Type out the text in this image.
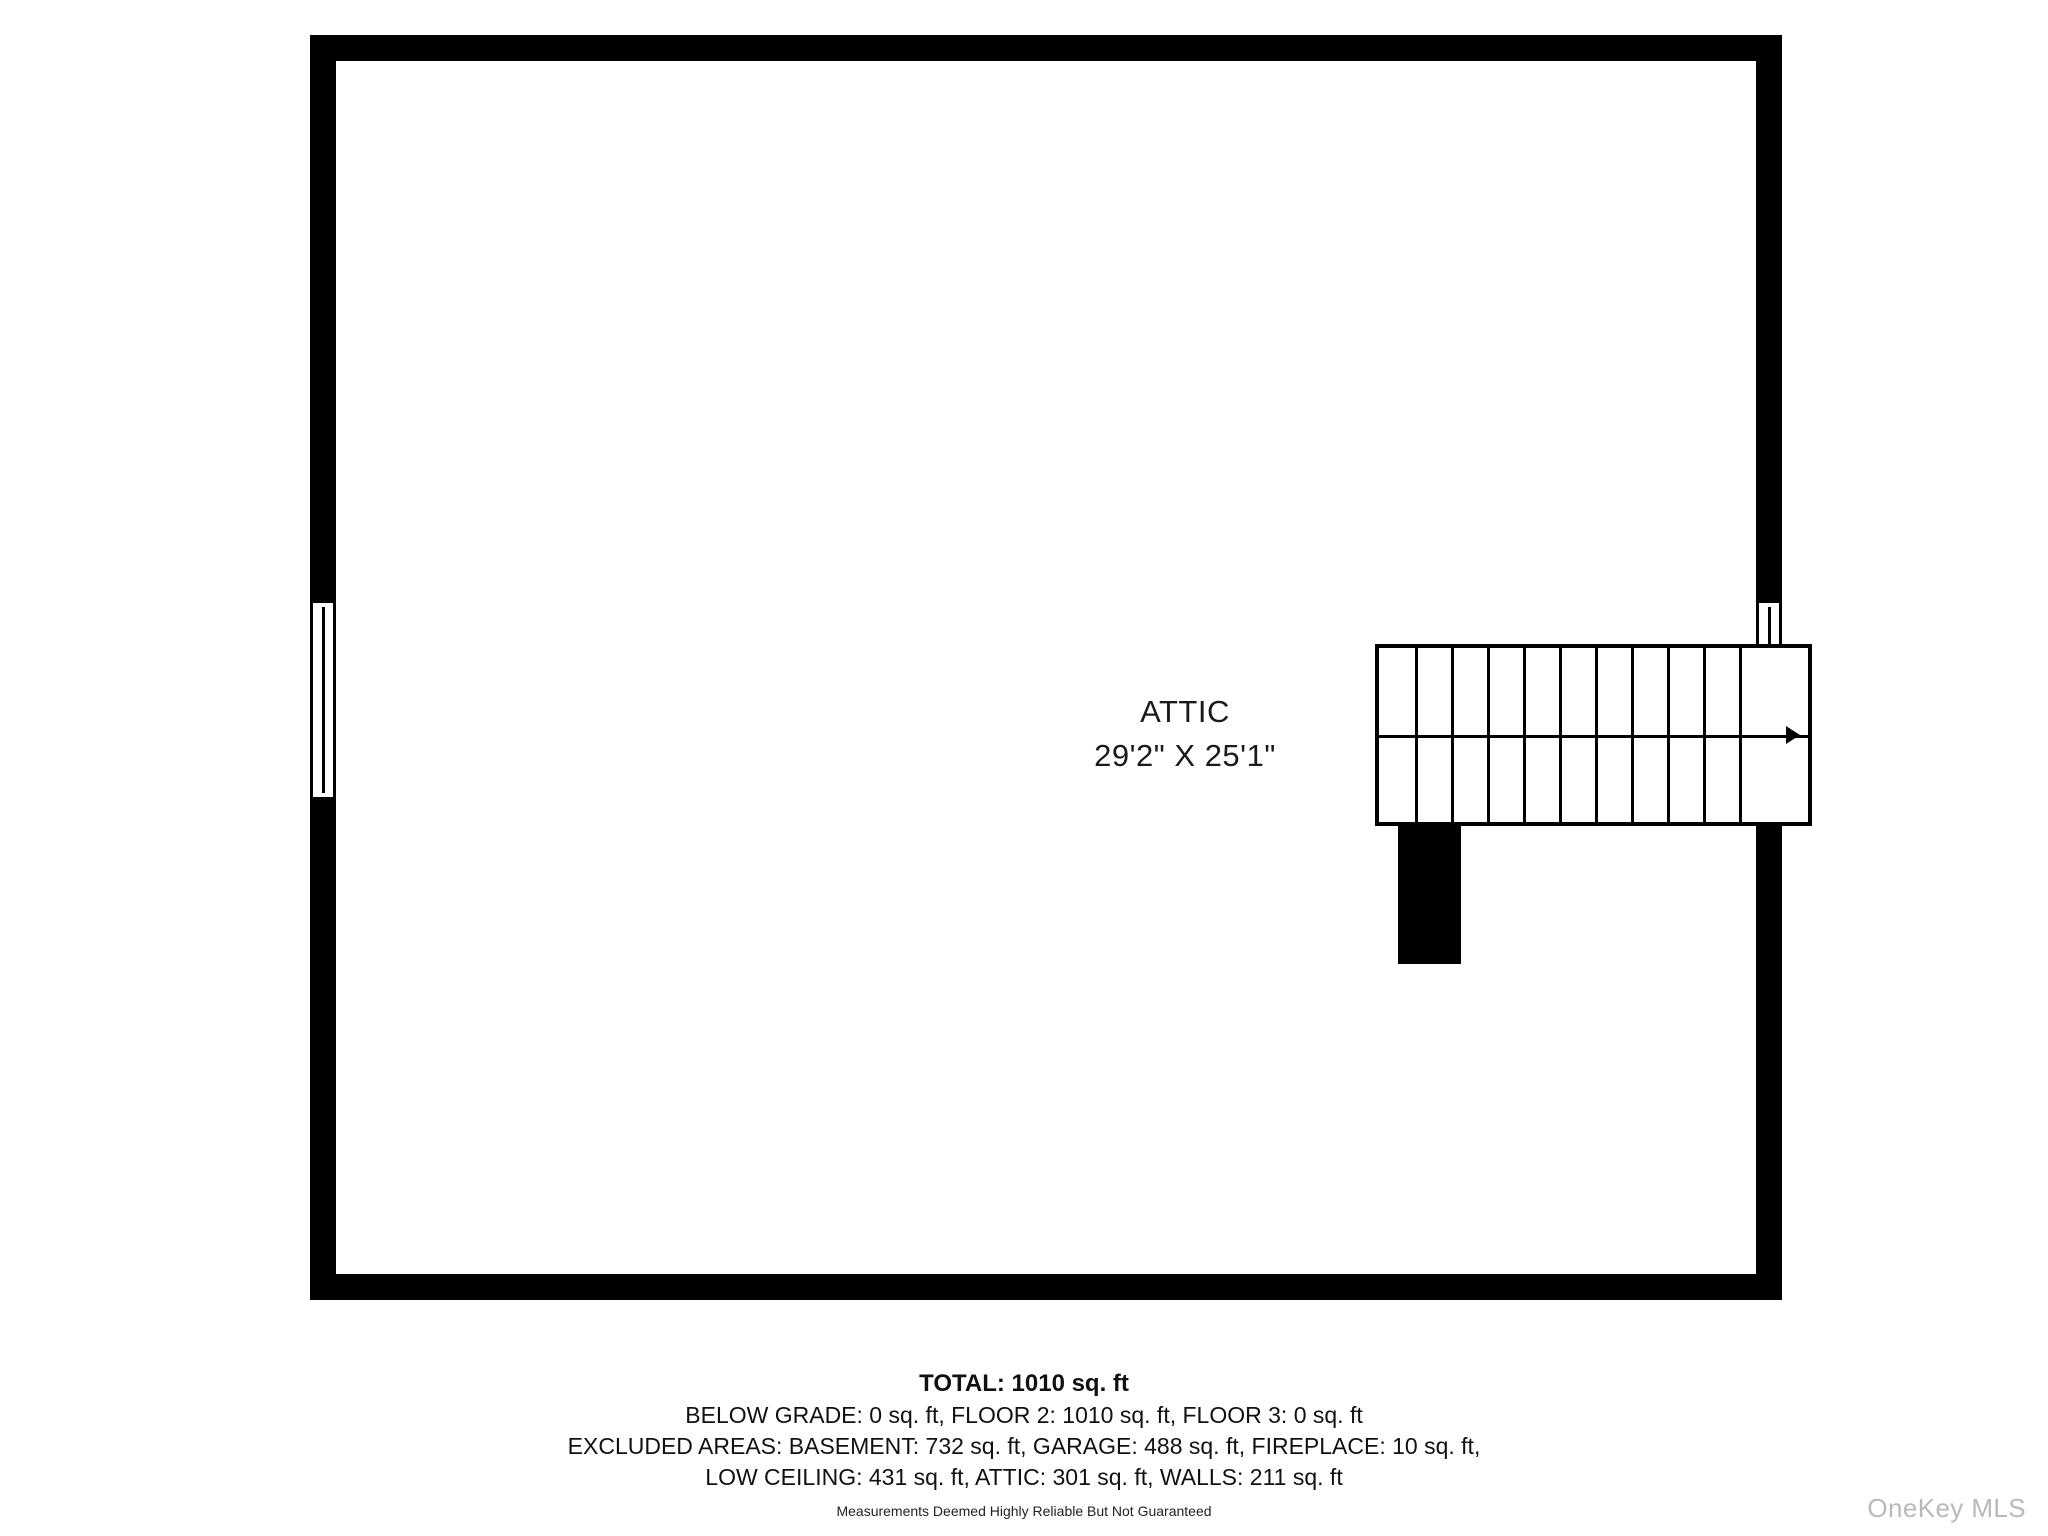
ATTIC
29'2" X 25'1"
TOTAL: 1010 sq. ft
BELOW GRADE: 0 sq. ft, FLOOR 2: 1010 sq. ft, FLOOR 3: 0 sq. ft
EXCLUDED AREAS: BASEMENT: 732 sq. ft, GARAGE: 488 sq. ft, FIREPLACE: 10 sq. ft,
LOW CEILING: 431 sq. ft, ATTIC: 301 sq. ft, WALLS: 211 sq. ft
Measurements Deemed Highly Reliable But Not Guaranteed	OneKey MLS
